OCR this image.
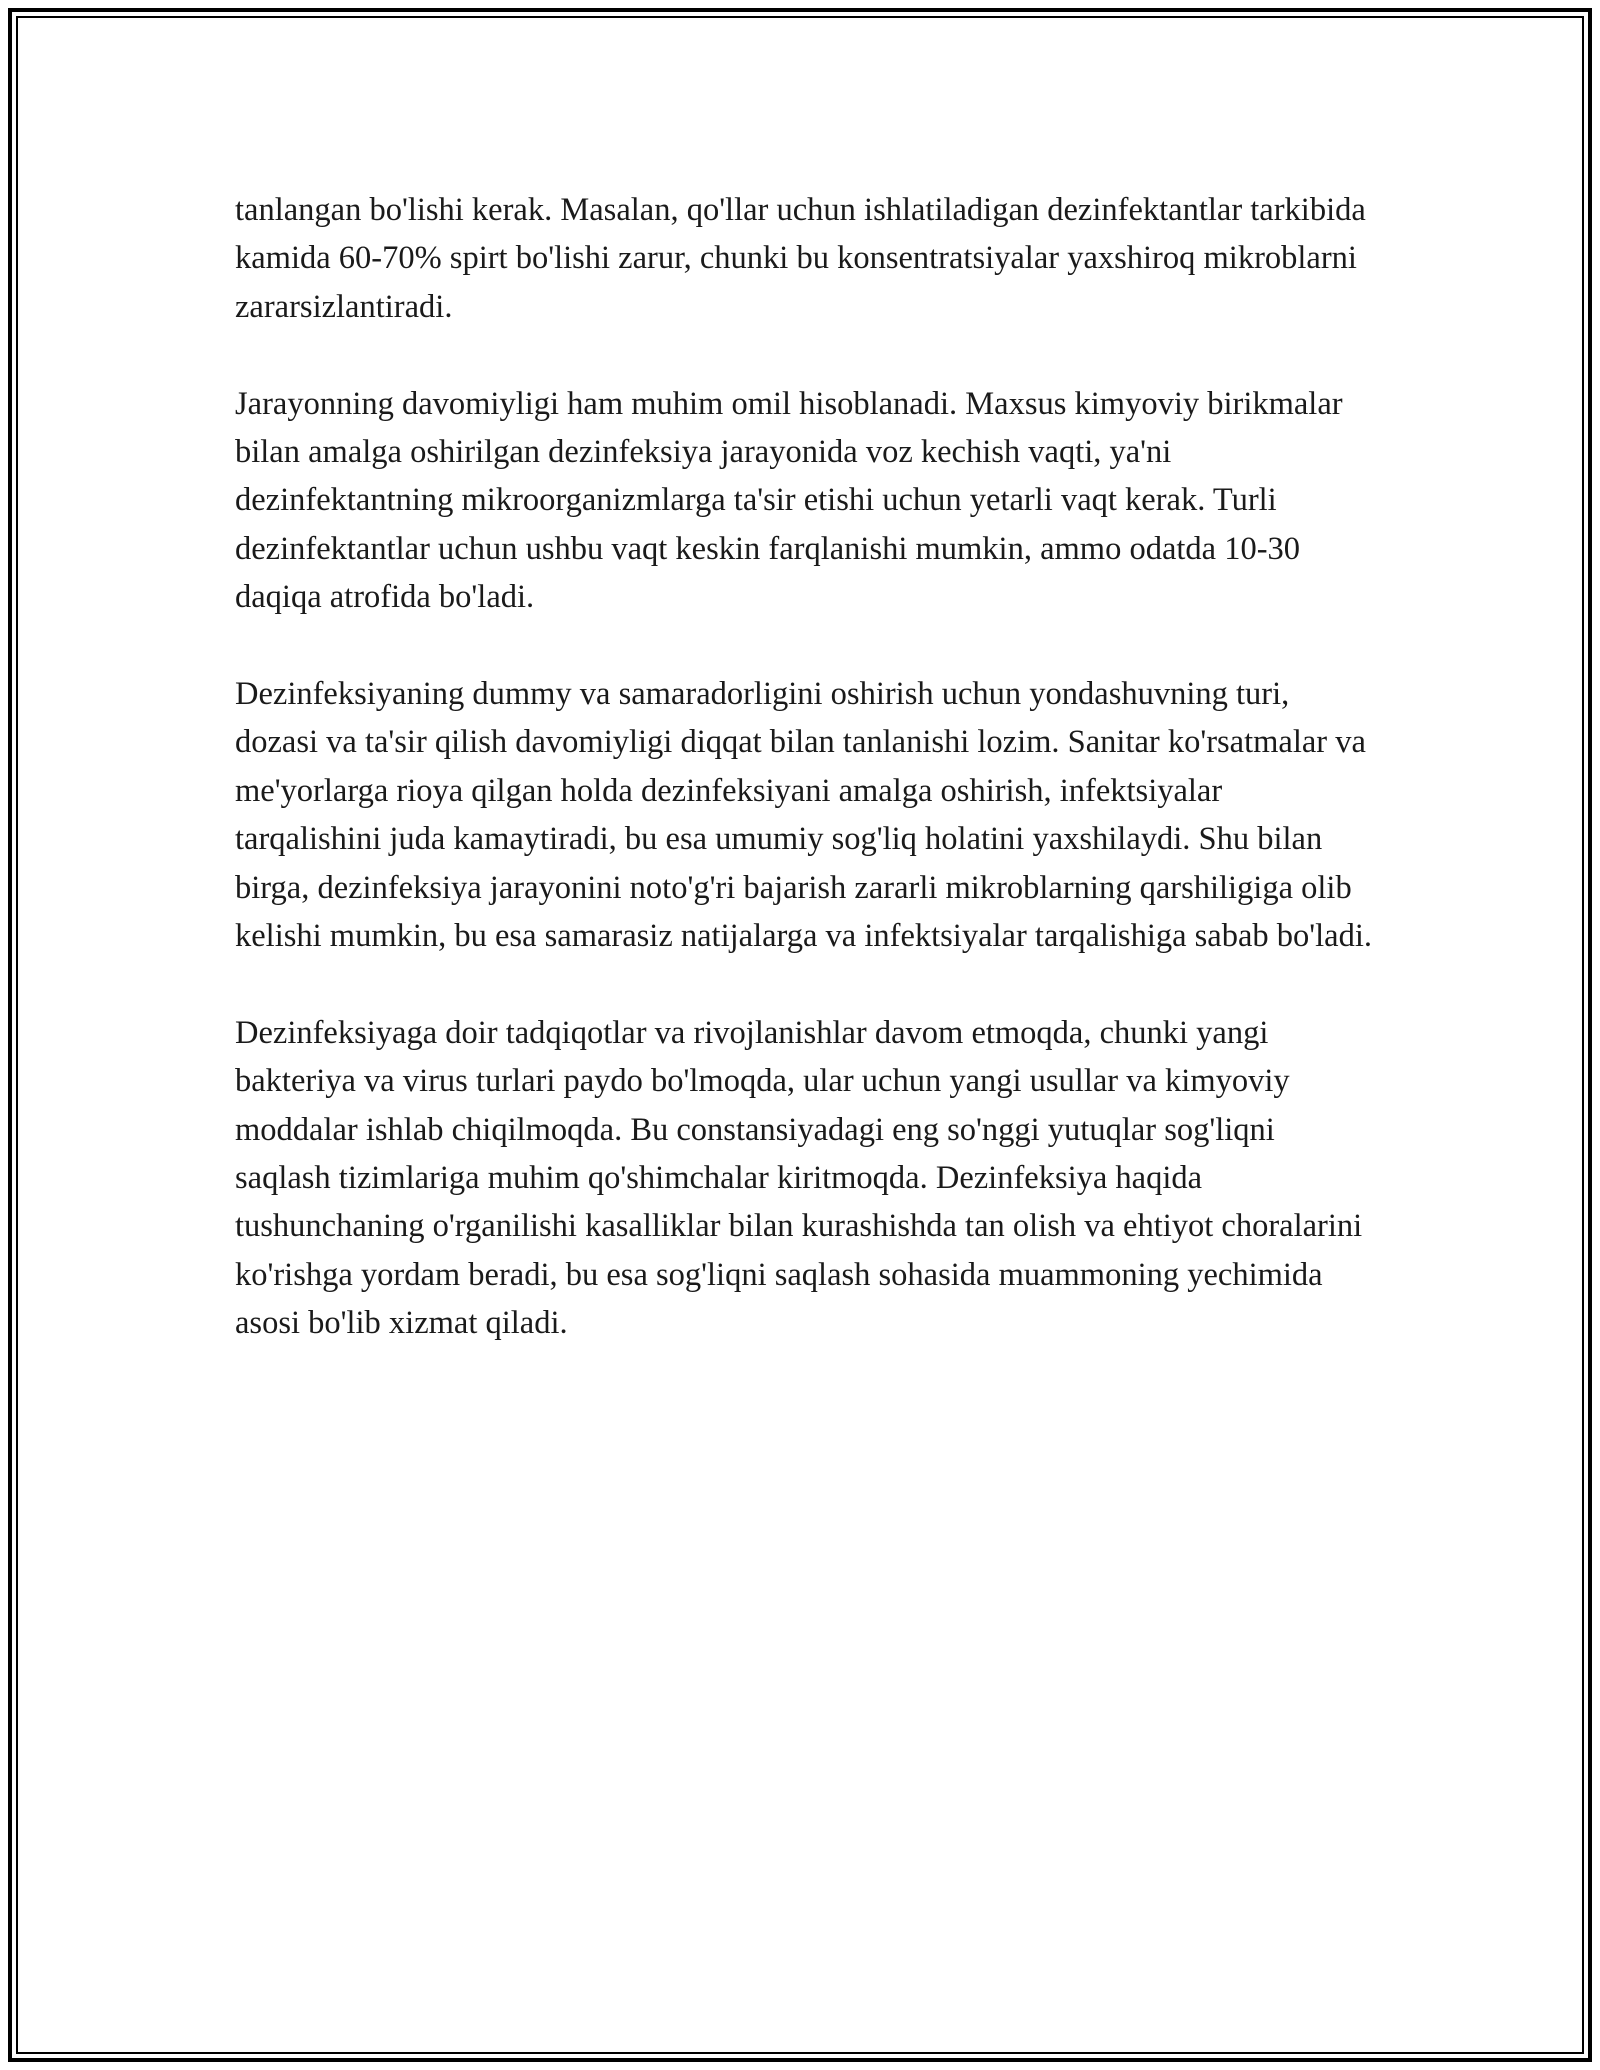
tanlangan bo'lishi kerak. Masalan, qo'llar uchun ishlatiladigan dezinfektantlar tarkibida kamida 60-70% spirt bo'lishi zarur, chunki bu konsentratsiyalar yaxshiroq mikroblarni zararsizlantiradi.

Jarayonning davomiyligi ham muhim omil hisoblanadi. Maxsus kimyoviy birikmalar bilan amalga oshirilgan dezinfeksiya jarayonida voz kechish vaqti, ya'ni dezinfektantning mikroorganizmlarga ta'sir etishi uchun yetarli vaqt kerak. Turli dezinfektantlar uchun ushbu vaqt keskin farqlanishi mumkin, ammo odatda 10-30 daqiqa atrofida bo'ladi.

Dezinfeksiyaning dummy va samaradorligini oshirish uchun yondashuvning turi, dozasi va ta'sir qilish davomiyligi diqqat bilan tanlanishi lozim. Sanitar ko'rsatmalar va me'yorlarga rioya qilgan holda dezinfeksiyani amalga oshirish, infektsiyalar tarqalishini juda kamaytiradi, bu esa umumiy sog'liq holatini yaxshilaydi. Shu bilan birga, dezinfeksiya jarayonini noto'g'ri bajarish zararli mikroblarning qarshiligiga olib kelishi mumkin, bu esa samarasiz natijalarga va infektsiyalar tarqalishiga sabab bo'ladi.

Dezinfeksiyaga doir tadqiqotlar va rivojlanishlar davom etmoqda, chunki yangi bakteriya va virus turlari paydo bo'lmoqda, ular uchun yangi usullar va kimyoviy moddalar ishlab chiqilmoqda. Bu constansiyadagi eng so'nggi yutuqlar sog'liqni saqlash tizimlariga muhim qo'shimchalar kiritmoqda. Dezinfeksiya haqida tushunchaning o'rganilishi kasalliklar bilan kurashishda tan olish va ehtiyot choralarini ko'rishga yordam beradi, bu esa sog'liqni saqlash sohasida muammoning yechimida asosi bo'lib xizmat qiladi.
